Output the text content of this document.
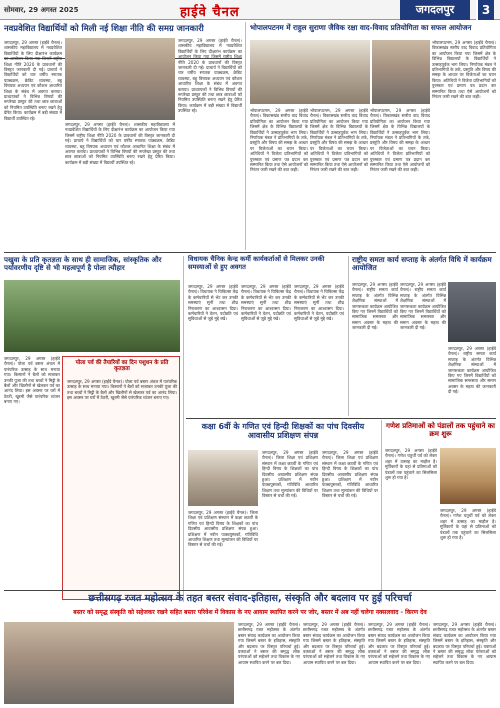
सोमवार, 29 अगस्त 2025	हाईवे चैनल	जगदलपुर	3
नवप्रवेशित विद्यार्थियों को मिली नई शिक्षा नीति की समग्र जानकारी
जगदलपुर, 29 अगस्त (हाईवे चैनल)। शासकीय महाविद्यालय में नवप्रवेशित विद्यार्थियों के लिए दीक्षारंभ कार्यक्रम का आयोजन किया गया जिसमें राष्ट्रीय शिक्षा नीति 2020 के प्रावधानों की विस्तृत जानकारी दी गई। प्राचार्य ने विद्यार्थियों को चार वर्षीय स्नातक पाठ्यक्रम, क्रेडिट व्यवस्था, बहु विषयक अध्ययन एवं कौशल आधारित शिक्षा के संबंध में अवगत कराया। प्राध्यापकों ने विभिन्न विषयों की रूपरेखा प्रस्तुत की तथा छात्र छात्राओं को नियमित उपस्थिति बनाए रखने हेतु प्रेरित किया। कार्यक्रम में बड़ी संख्या में विद्यार्थी उपस्थित रहे।
जगदलपुर, 29 अगस्त (हाईवे चैनल)। शासकीय महाविद्यालय में नवप्रवेशित विद्यार्थियों के लिए दीक्षारंभ कार्यक्रम का आयोजन किया गया जिसमें राष्ट्रीय शिक्षा नीति 2020 के प्रावधानों की विस्तृत जानकारी दी गई। प्राचार्य ने विद्यार्थियों को चार वर्षीय स्नातक पाठ्यक्रम, क्रेडिट व्यवस्था, बहु विषयक अध्ययन एवं कौशल आधारित शिक्षा के संबंध में अवगत कराया। प्राध्यापकों ने विभिन्न विषयों की रूपरेखा प्रस्तुत की तथा छात्र छात्राओं को नियमित उपस्थिति बनाए रखने हेतु प्रेरित किया। कार्यक्रम में बड़ी संख्या में विद्यार्थी उपस्थित रहे।
जगदलपुर, 29 अगस्त (हाईवे चैनल)। शासकीय महाविद्यालय में नवप्रवेशित विद्यार्थियों के लिए दीक्षारंभ कार्यक्रम का आयोजन किया गया जिसमें राष्ट्रीय शिक्षा नीति 2020 के प्रावधानों की विस्तृत जानकारी दी गई। प्राचार्य ने विद्यार्थियों को चार वर्षीय स्नातक पाठ्यक्रम, क्रेडिट व्यवस्था, बहु विषयक अध्ययन एवं कौशल आधारित शिक्षा के संबंध में अवगत कराया। प्राध्यापकों ने विभिन्न विषयों की रूपरेखा प्रस्तुत की तथा छात्र छात्राओं को नियमित उपस्थिति बनाए रखने हेतु प्रेरित किया। कार्यक्रम में बड़ी संख्या में विद्यार्थी उपस्थित रहे।
भोपालपटनम में राहुल सुराणा जैविक रक्षा वाद-विवाद प्रतियोगिता का सफल आयोजन
भोपालपटनम, 29 अगस्त (हाईवे चैनल)। विकासखंड स्तरीय वाद विवाद प्रतियोगिता का आयोजन किया गया जिसमें क्षेत्र के विभिन्न विद्यालयों के विद्यार्थियों ने उत्साहपूर्वक भाग लिया। निर्णायक मंडल ने प्रतिभागियों के तर्क, प्रस्तुति और विषय की समझ के आधार पर विजेताओं का चयन किया। अतिथियों ने विजेता प्रतिभागियों को पुरस्कार एवं प्रमाण पत्र प्रदान कर सम्मानित किया तथा ऐसे आयोजनों को निरंतर जारी रखने की बात कही।
भोपालपटनम, 29 अगस्त (हाईवे चैनल)। विकासखंड स्तरीय वाद विवाद प्रतियोगिता का आयोजन किया गया जिसमें क्षेत्र के विभिन्न विद्यालयों के विद्यार्थियों ने उत्साहपूर्वक भाग लिया। निर्णायक मंडल ने प्रतिभागियों के तर्क, प्रस्तुति और विषय की समझ के आधार पर विजेताओं का चयन किया। अतिथियों ने विजेता प्रतिभागियों को पुरस्कार एवं प्रमाण पत्र प्रदान कर सम्मानित किया तथा ऐसे आयोजनों को निरंतर जारी रखने की बात कही।
भोपालपटनम, 29 अगस्त (हाईवे चैनल)। विकासखंड स्तरीय वाद विवाद प्रतियोगिता का आयोजन किया गया जिसमें क्षेत्र के विभिन्न विद्यालयों के विद्यार्थियों ने उत्साहपूर्वक भाग लिया। निर्णायक मंडल ने प्रतिभागियों के तर्क, प्रस्तुति और विषय की समझ के आधार पर विजेताओं का चयन किया। अतिथियों ने विजेता प्रतिभागियों को पुरस्कार एवं प्रमाण पत्र प्रदान कर सम्मानित किया तथा ऐसे आयोजनों को निरंतर जारी रखने की बात कही।
भोपालपटनम, 29 अगस्त (हाईवे चैनल)। विकासखंड स्तरीय वाद विवाद प्रतियोगिता का आयोजन किया गया जिसमें क्षेत्र के विभिन्न विद्यालयों के विद्यार्थियों ने उत्साहपूर्वक भाग लिया। निर्णायक मंडल ने प्रतिभागियों के तर्क, प्रस्तुति और विषय की समझ के आधार पर विजेताओं का चयन किया। अतिथियों ने विजेता प्रतिभागियों को पुरस्कार एवं प्रमाण पत्र प्रदान कर सम्मानित किया तथा ऐसे आयोजनों को निरंतर जारी रखने की बात कही।
पखुवा के प्रति कृतज्ञता के साथ ही सामाजिक, सांस्कृतिक और पर्यावरणीय दृष्टि से भी महत्वपूर्ण है पोला त्यौहार
जगदलपुर, 29 अगस्त (हाईवे चैनल)। पोला पर्व बस्तर अंचल में पारंपरिक उत्साह के साथ मनाया गया। किसानों ने बैलों को सजाकर उनकी पूजा की तथा बच्चों ने मिट्टी के बैलों और खिलौनों से खेलकर पर्व का आनंद लिया। इस अवसर पर घरों में ठेठरी, खुरमी जैसे पारंपरिक व्यंजन बनाए गए।
पोला पर्व की तैयारियों का दिन पशुधन के प्रति कृतज्ञता
जगदलपुर, 29 अगस्त (हाईवे चैनल)। पोला पर्व बस्तर अंचल में पारंपरिक उत्साह के साथ मनाया गया। किसानों ने बैलों को सजाकर उनकी पूजा की तथा बच्चों ने मिट्टी के बैलों और खिलौनों से खेलकर पर्व का आनंद लिया। इस अवसर पर घरों में ठेठरी, खुरमी जैसे पारंपरिक व्यंजन बनाए गए।
विधायक चैनिक केन्द्र कर्मी कार्यकर्ताओं से मिलकर उनकी समस्याओं से हुए अवगत
जगदलपुर, 29 अगस्त (हाईवे चैनल)। विधायक ने चिकित्सा केंद्र के कर्मचारियों से भेंट कर उनकी समस्याएं सुनीं तथा शीघ्र निराकरण का आश्वासन दिया। कर्मचारियों ने वेतन, पदोन्नति एवं सुविधाओं से जुड़े मुद्दे रखे।
जगदलपुर, 29 अगस्त (हाईवे चैनल)। विधायक ने चिकित्सा केंद्र के कर्मचारियों से भेंट कर उनकी समस्याएं सुनीं तथा शीघ्र निराकरण का आश्वासन दिया। कर्मचारियों ने वेतन, पदोन्नति एवं सुविधाओं से जुड़े मुद्दे रखे।
जगदलपुर, 29 अगस्त (हाईवे चैनल)। विधायक ने चिकित्सा केंद्र के कर्मचारियों से भेंट कर उनकी समस्याएं सुनीं तथा शीघ्र निराकरण का आश्वासन दिया। कर्मचारियों ने वेतन, पदोन्नति एवं सुविधाओं से जुड़े मुद्दे रखे।
राष्ट्रीय समता कार्य सप्ताह के अंतर्गत विधि में कार्यक्रम आयोजित
जगदलपुर, 29 अगस्त (हाईवे चैनल)। राष्ट्रीय समता कार्य सप्ताह के अंतर्गत विभिन्न शैक्षणिक संस्थाओं में जागरूकता कार्यक्रम आयोजित किए गए जिनमें विद्यार्थियों को सामाजिक समरसता और समान अवसर के महत्व की जानकारी दी गई।
जगदलपुर, 29 अगस्त (हाईवे चैनल)। राष्ट्रीय समता कार्य सप्ताह के अंतर्गत विभिन्न शैक्षणिक संस्थाओं में जागरूकता कार्यक्रम आयोजित किए गए जिनमें विद्यार्थियों को सामाजिक समरसता और समान अवसर के महत्व की जानकारी दी गई।
जगदलपुर, 29 अगस्त (हाईवे चैनल)। राष्ट्रीय समता कार्य सप्ताह के अंतर्गत विभिन्न शैक्षणिक संस्थाओं में जागरूकता कार्यक्रम आयोजित किए गए जिनमें विद्यार्थियों को सामाजिक समरसता और समान अवसर के महत्व की जानकारी दी गई।
कक्षा 6वीं के गणित एवं हिन्दी शिक्षकों का पांच दिवसीय आवासीय प्रशिक्षण संपन्न
जगदलपुर, 29 अगस्त (हाईवे चैनल)। जिला शिक्षा एवं प्रशिक्षण संस्थान में कक्षा छठवीं के गणित एवं हिन्दी विषय के शिक्षकों का पांच दिवसीय आवासीय प्रशिक्षण संपन्न हुआ। प्रशिक्षण में नवीन पाठ्यपुस्तकों, गतिविधि आधारित शिक्षण तथा मूल्यांकन की विधियों पर विस्तार से चर्चा की गई।
जगदलपुर, 29 अगस्त (हाईवे चैनल)। जिला शिक्षा एवं प्रशिक्षण संस्थान में कक्षा छठवीं के गणित एवं हिन्दी विषय के शिक्षकों का पांच दिवसीय आवासीय प्रशिक्षण संपन्न हुआ। प्रशिक्षण में नवीन पाठ्यपुस्तकों, गतिविधि आधारित शिक्षण तथा मूल्यांकन की विधियों पर विस्तार से चर्चा की गई।
जगदलपुर, 29 अगस्त (हाईवे चैनल)। जिला शिक्षा एवं प्रशिक्षण संस्थान में कक्षा छठवीं के गणित एवं हिन्दी विषय के शिक्षकों का पांच दिवसीय आवासीय प्रशिक्षण संपन्न हुआ। प्रशिक्षण में नवीन पाठ्यपुस्तकों, गतिविधि आधारित शिक्षण तथा मूल्यांकन की विधियों पर विस्तार से चर्चा की गई।
गणेश प्रतिमाओं को पंडालों तक पहुंचाने का क्रम शुरू
जगदलपुर, 29 अगस्त (हाईवे चैनल)। गणेश चतुर्थी पर्व को लेकर शहर में उत्साह का माहौल है। मूर्तिकारों के यहां से प्रतिमाओं को पंडालों तक पहुंचाने का सिलसिला शुरू हो गया है।
जगदलपुर, 29 अगस्त (हाईवे चैनल)। गणेश चतुर्थी पर्व को लेकर शहर में उत्साह का माहौल है। मूर्तिकारों के यहां से प्रतिमाओं को पंडालों तक पहुंचाने का सिलसिला शुरू हो गया है।
छत्तीसगढ़ रजत महोत्सव के तहत बस्तर संवाद-इतिहास, संस्कृति और बदलाव पर हुई परिचर्चा
बस्तर को समृद्ध संस्कृति को सहेजकर रखने सहित बस्तर परिवेश में विकास के नए आयाम स्थापित करने पर जोर, बस्तर में अब नहीं चलेगा नक्सलवाद - किरण देव
जगदलपुर, 29 अगस्त (हाईवे चैनल)। छत्तीसगढ़ रजत महोत्सव के अंतर्गत बस्तर संवाद कार्यक्रम का आयोजन किया गया जिसमें बस्तर के इतिहास, संस्कृति और बदलाव पर विस्तृत परिचर्चा हुई। वक्ताओं ने बस्तर की समृद्ध लोक परंपराओं को सहेजने तथा विकास के नए आयाम स्थापित करने पर बल दिया।
जगदलपुर, 29 अगस्त (हाईवे चैनल)। छत्तीसगढ़ रजत महोत्सव के अंतर्गत बस्तर संवाद कार्यक्रम का आयोजन किया गया जिसमें बस्तर के इतिहास, संस्कृति और बदलाव पर विस्तृत परिचर्चा हुई। वक्ताओं ने बस्तर की समृद्ध लोक परंपराओं को सहेजने तथा विकास के नए आयाम स्थापित करने पर बल दिया।
जगदलपुर, 29 अगस्त (हाईवे चैनल)। छत्तीसगढ़ रजत महोत्सव के अंतर्गत बस्तर संवाद कार्यक्रम का आयोजन किया गया जिसमें बस्तर के इतिहास, संस्कृति और बदलाव पर विस्तृत परिचर्चा हुई। वक्ताओं ने बस्तर की समृद्ध लोक परंपराओं को सहेजने तथा विकास के नए आयाम स्थापित करने पर बल दिया।
जगदलपुर, 29 अगस्त (हाईवे चैनल)। छत्तीसगढ़ रजत महोत्सव के अंतर्गत बस्तर संवाद कार्यक्रम का आयोजन किया गया जिसमें बस्तर के इतिहास, संस्कृति और बदलाव पर विस्तृत परिचर्चा हुई। वक्ताओं ने बस्तर की समृद्ध लोक परंपराओं को सहेजने तथा विकास के नए आयाम स्थापित करने पर बल दिया।
